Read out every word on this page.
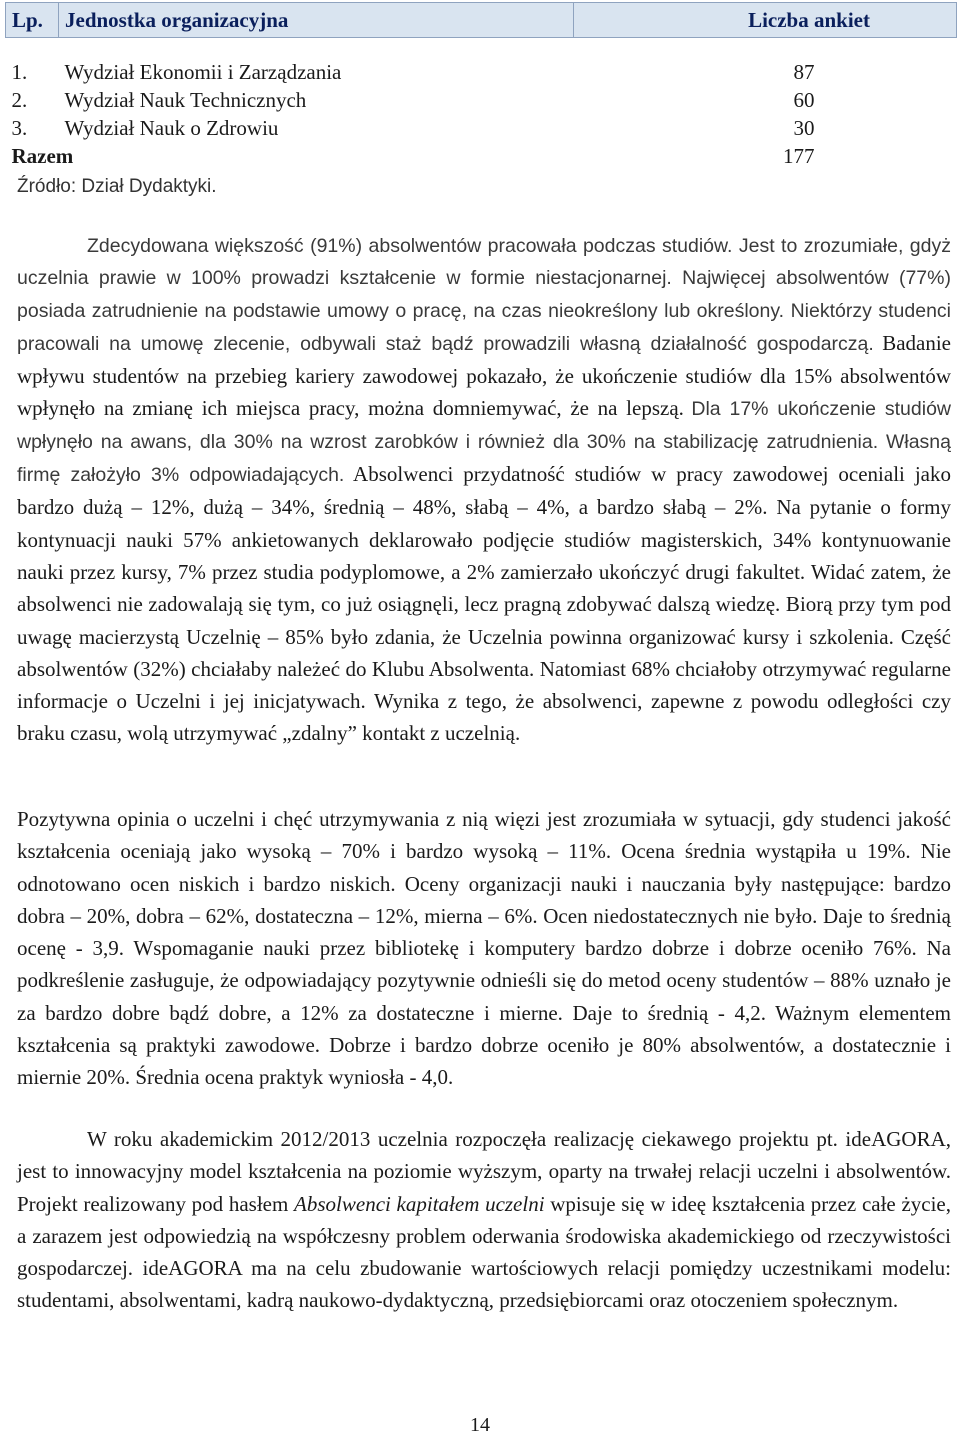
Lp.	Jednostka organizacyjna	Liczba ankiet

1.	Wydział Ekonomii i Zarządzania	87
2.	Wydział Nauk Technicznych	60
3.	Wydział Nauk o Zdrowiu	30
Razem		177
Źródło: Dział Dydaktyki.

Zdecydowana większość (91%) absolwentów pracowała podczas studiów. Jest to zrozumiałe, gdyż uczelnia prawie w 100% prowadzi kształcenie w formie niestacjonarnej. Najwięcej absolwentów (77%) posiada zatrudnienie na podstawie umowy o pracę, na czas nieokreślony lub określony. Niektórzy studenci pracowali na umowę zlecenie, odbywali staż bądź prowadzili własną działalność gospodarczą. Badanie wpływu studentów na przebieg kariery zawodowej pokazało, że ukończenie studiów dla 15% absolwentów wpłynęło na zmianę ich miejsca pracy, można domniemywać, że na lepszą. Dla 17% ukończenie studiów wpłynęło na awans, dla 30% na wzrost zarobków i również dla 30% na stabilizację zatrudnienia. Własną firmę założyło 3% odpowiadających. Absolwenci przydatność studiów w pracy zawodowej oceniali jako bardzo dużą – 12%, dużą – 34%, średnią – 48%, słabą – 4%, a bardzo słabą – 2%. Na pytanie o formy kontynuacji nauki 57% ankietowanych deklarowało podjęcie studiów magisterskich, 34% kontynuowanie nauki przez kursy, 7% przez studia podyplomowe, a 2% zamierzało ukończyć drugi fakultet. Widać zatem, że absolwenci nie zadowalają się tym, co już osiągnęli, lecz pragną zdobywać dalszą wiedzę. Biorą przy tym pod uwagę macierzystą Uczelnię – 85% było zdania, że Uczelnia powinna organizować kursy i szkolenia. Część absolwentów (32%) chciałaby należeć do Klubu Absolwenta. Natomiast 68% chciałoby otrzymywać regularne informacje o Uczelni i jej inicjatywach. Wynika z tego, że absolwenci, zapewne z powodu odległości czy braku czasu, wolą utrzymywać „zdalny” kontakt z uczelnią.

Pozytywna opinia o uczelni i chęć utrzymywania z nią więzi jest zrozumiała w sytuacji, gdy studenci jakość kształcenia oceniają jako wysoką – 70% i bardzo wysoką – 11%. Ocena średnia wystąpiła u 19%. Nie odnotowano ocen niskich i bardzo niskich. Oceny organizacji nauki i nauczania były następujące: bardzo dobra – 20%, dobra – 62%, dostateczna – 12%, mierna – 6%. Ocen niedostatecznych nie było. Daje to średnią ocenę - 3,9. Wspomaganie nauki przez bibliotekę i komputery bardzo dobrze i dobrze oceniło 76%. Na podkreślenie zasługuje, że odpowiadający pozytywnie odnieśli się do metod oceny studentów – 88% uznało je za bardzo dobre bądź dobre, a 12% za dostateczne i mierne. Daje to średnią - 4,2. Ważnym elementem kształcenia są praktyki zawodowe. Dobrze i bardzo dobrze oceniło je 80% absolwentów, a dostatecznie i miernie 20%. Średnia ocena praktyk wyniosła - 4,0.

W roku akademickim 2012/2013 uczelnia rozpoczęła realizację ciekawego projektu pt. ideAGORA, jest to innowacyjny model kształcenia na poziomie wyższym, oparty na trwałej relacji uczelni i absolwentów. Projekt realizowany pod hasłem Absolwenci kapitałem uczelni wpisuje się w ideę kształcenia przez całe życie, a zarazem jest odpowiedzią na współczesny problem oderwania środowiska akademickiego od rzeczywistości gospodarczej. ideAGORA ma na celu zbudowanie wartościowych relacji pomiędzy uczestnikami modelu: studentami, absolwentami, kadrą naukowo-dydaktyczną, przedsiębiorcami oraz otoczeniem społecznym.

14
